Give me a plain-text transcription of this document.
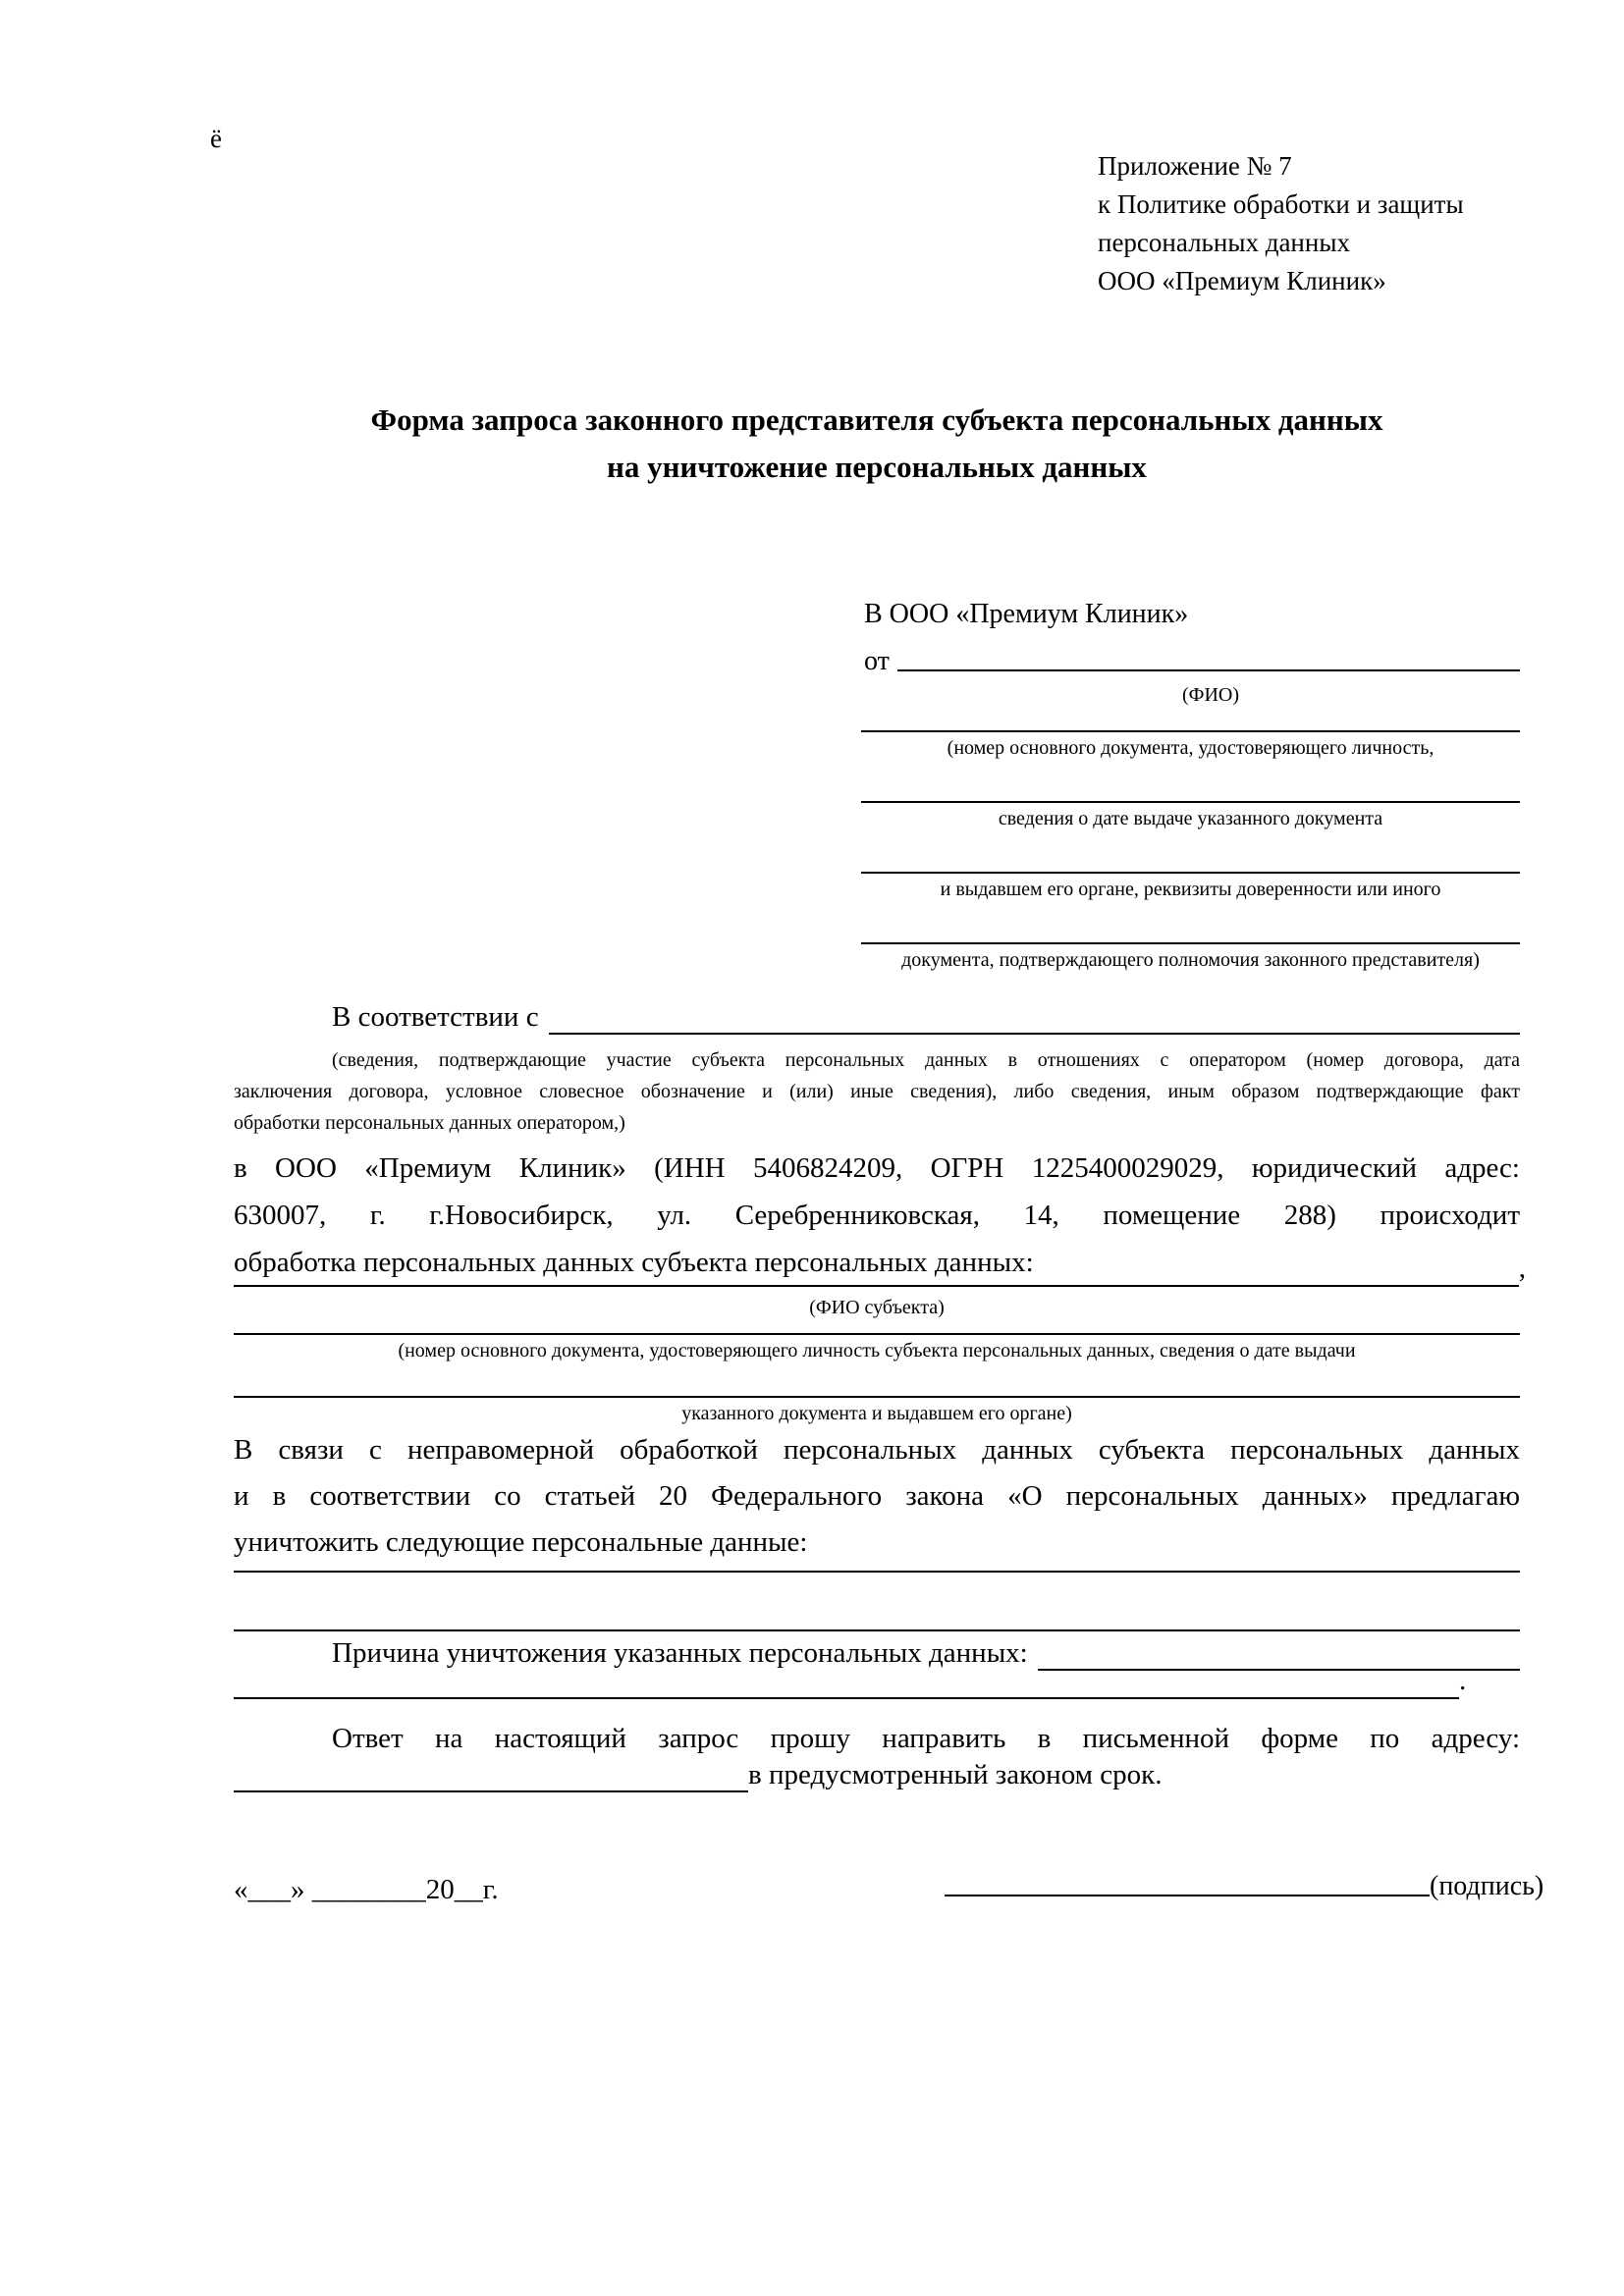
ё
Приложение № 7
к Политике обработки и защиты
персональных данных
ООО «Премиум Клиник»
Форма запроса законного представителя субъекта персональных данных
на уничтожение персональных данных
В ООО «Премиум Клиник»
от
(ФИО)
(номер основного документа, удостоверяющего личность,
сведения о дате выдаче указанного документа
и выдавшем его органе, реквизиты доверенности или иного
документа, подтверждающего полномочия законного представителя)
В соответствии с
(сведения, подтверждающие участие субъекта персональных данных в отношениях с оператором (номер договора, дата
заключения договора, условное словесное обозначение и (или) иные сведения), либо сведения, иным образом подтверждающие факт
обработки персональных данных оператором,)
в ООО «Премиум Клиник» (ИНН 5406824209, ОГРН 1225400029029, юридический адрес:
630007, г. г.Новосибирск, ул. Серебренниковская, 14, помещение 288) происходит
обработка персональных данных субъекта персональных данных:	,
(ФИО субъекта)
(номер основного документа, удостоверяющего личность субъекта персональных данных, сведения о дате выдачи
указанного документа и выдавшем его органе)
В связи с неправомерной обработкой персональных данных субъекта персональных данных
и в соответствии со статьей 20 Федерального закона «О персональных данных» предлагаю
уничтожить следующие персональные данные:
Причина уничтожения указанных персональных данных:
.
Ответ на настоящий запрос прошу направить в письменной форме по адресу:
в предусмотренный законом срок.
«___» ________20__г.	(подпись)
